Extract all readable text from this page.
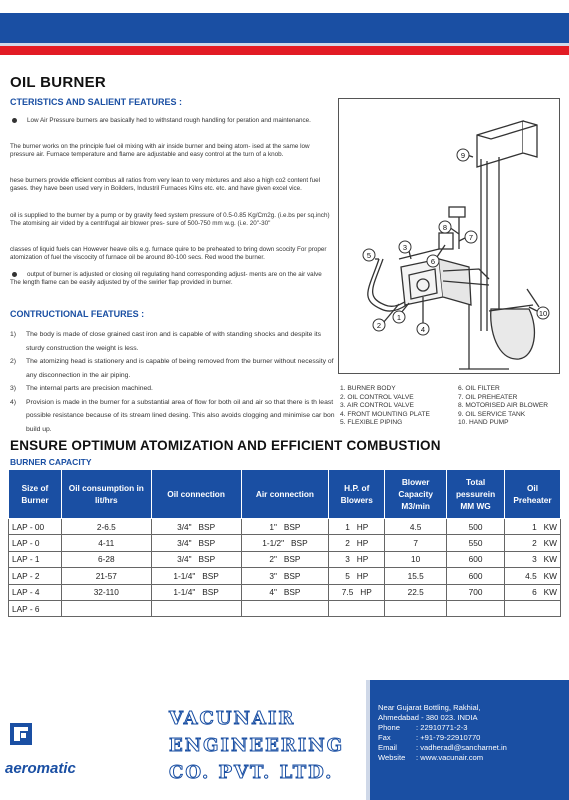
OIL BURNER
CTERISTICS AND SALIENT FEATURES :

Low Air Pressure burners are basically hed to withstand rough handling for peration and maintenance.

The burner works on the principle fuel oil mixing with air inside burner and being atom- ised at the same low pressure air. Furnace temperature and flame are adjustable and easy control at the turn of a knob.

hese burners provide efficient combus all ratios from very lean to very mixtures and also a high co2 content fuel gases. they have been used very in Boilders, Industril Furnaces Kilns etc. etc. and have given excel vice.

oil is supplied to the burner by a pump or by gravity feed system pressure of 0.5-0.85 Kg/Cm2g. (i.e.bs per sq.inch) The atomising air vided by a centrifugal air blower pres- sure of 500-750 mm w.g. (i.e. 20"-30"

classes of liquid fuels can However heave oils e.g. furnace quire to be preheated to bring down scocity For proper atomization of fuel the viscocity of furnace oil be around 80-100 secs. Red wood the burner.

output of burner is adjusted or closing oil regulating hand corresponding adjust- ments are on the air valve The length flame can be easily adjusted by of the swirler flap provided in burner.

CONTRUCTIONAL FEATURES :
1) The body is made of close grained cast iron and is capable of with standing shocks and despite its sturdy construction the weight is less.
2) The atomizing head is stationery and is capable of being removed from the burner without necessity of any disconnection in the air piping.
3) The internal parts are precision machined.
4) Provision is made in the burner for a substantial area of flow for both oil and air so that there is th least possible resistance because of its stream lined desing. This also avoids clogging and minimise car bon build up.
9
8
3
7
5
6
2
1
4
10
1. BURNER BODY
2. OIL CONTROL VALVE
3. AIR CONTROL VALVE
4. FRONT MOUNTING PLATE
5. FLEXIBLE PIPING
6. OIL FILTER
7. OIL PREHEATER
8. MOTORISED AIR BLOWER
9. OIL SERVICE TANK
10. HAND PUMP
ENSURE OPTIMUM ATOMIZATION AND EFFICIENT COMBUSTION
BURNER CAPACITY
Size of Burner	Oil consumption in lit/hrs	Oil connection	Air connection	H.P. of Blowers	Blower Capacity M3/min	Total pessurein MM WG	Oil Preheater
LAP - 00	2-6.5	3/4"   BSP	1"   BSP	1   HP	4.5	500	1   KW
LAP - 0	4-11	3/4"   BSP	1-1/2"   BSP	2   HP	7	550	2   KW
LAP - 1	6-28	3/4"   BSP	2"   BSP	3   HP	10	600	3   KW
LAP - 2	21-57	1-1/4"   BSP	3"   BSP	5   HP	15.5	600	4.5   KW
LAP - 4	32-110	1-1/4"   BSP	4"   BSP	7.5   HP	22.5	700	6   KW
LAP - 6							
VACUNAIR
ENGINEERING
CO. PVT. LTD.
aeromatic
Near Gujarat Bottling, Rakhial,
Ahmedabad - 380 023. INDIA
Phone : 22910771-2-3
Fax	: +91-79-22910770
Email	: vadheradl@sancharnet.in
Website : www.vacunair.com
